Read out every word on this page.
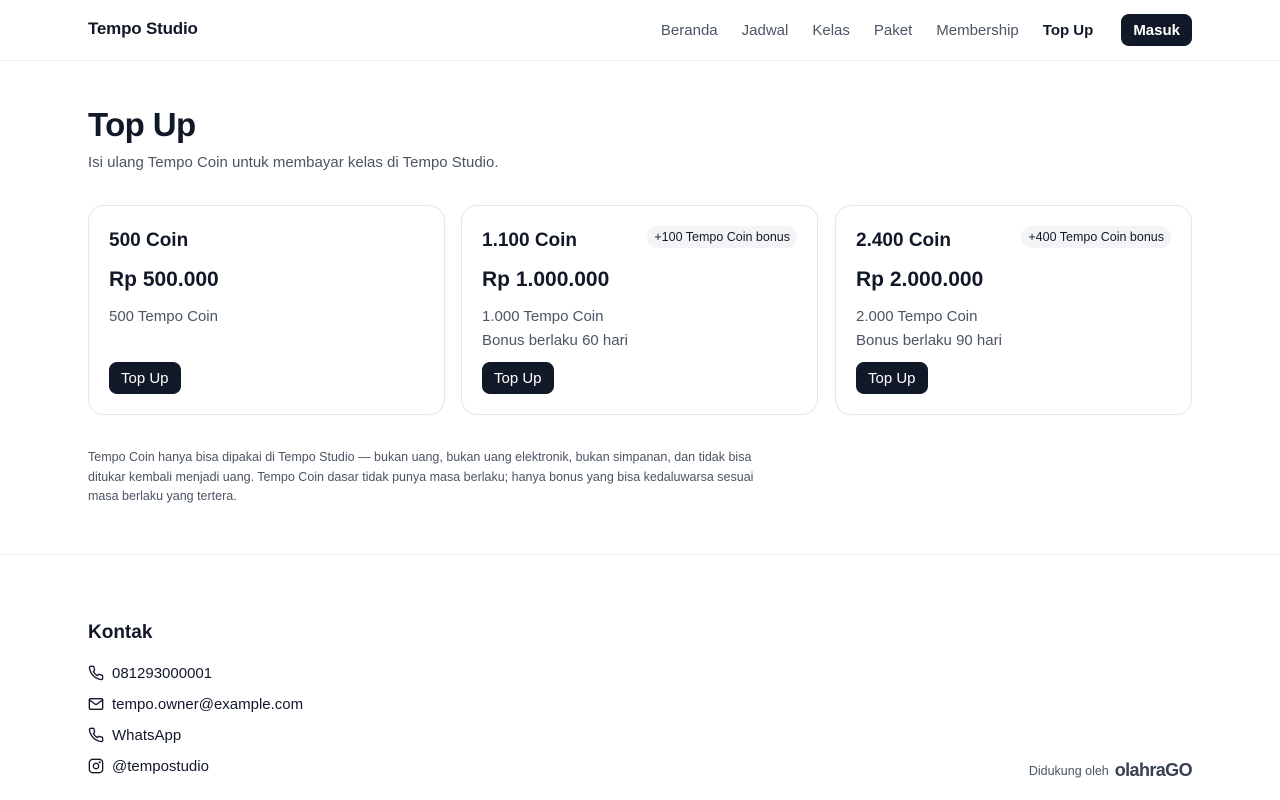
Tempo Studio	Beranda Jadwal Kelas Paket Membership Top Up	Masuk
Top Up

Isi ulang Tempo Coin untuk membayar kelas di Tempo Studio.

500 Coin
Rp 500.000
500 Tempo Coin
Top Up
1.100 Coin	+100 Tempo Coin bonus
Rp 1.000.000
1.000 Tempo Coin
Bonus berlaku 60 hari
Top Up
2.400 Coin	+400 Tempo Coin bonus
Rp 2.000.000
2.000 Tempo Coin
Bonus berlaku 90 hari
Top Up

Tempo Coin hanya bisa dipakai di Tempo Studio — bukan uang, bukan uang elektronik, bukan simpanan, dan tidak bisa ditukar kembali menjadi uang. Tempo Coin dasar tidak punya masa berlaku; hanya bonus yang bisa kedaluwarsa sesuai masa berlaku yang tertera.

Kontak
081293000001
tempo.owner@example.com
WhatsApp
@tempostudio	Didukung oleh olahraGO
